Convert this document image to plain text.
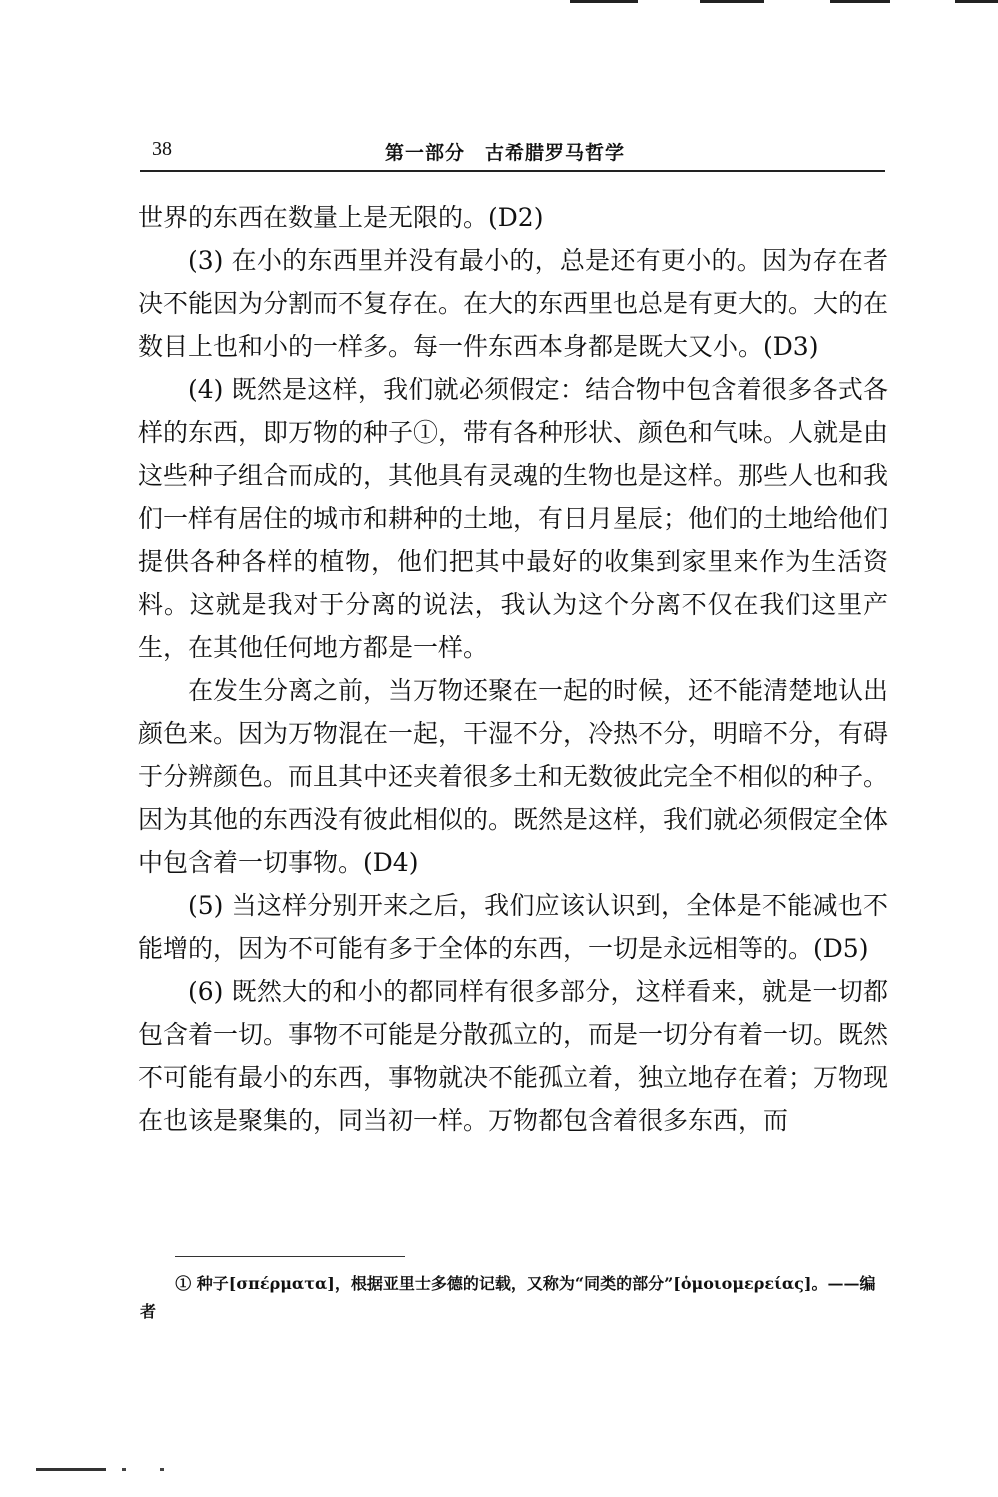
38	第一部分　古希腊罗马哲学

世界的东西在数量上是无限的。(D2)

(3) 在小的东西里并没有最小的，总是还有更小的。因为存在者决不能因为分割而不复存在。在大的东西里也总是有更大的。大的在数目上也和小的一样多。每一件东西本身都是既大又小。(D3)

(4) 既然是这样，我们就必须假定：结合物中包含着很多各式各样的东西，即万物的种子①，带有各种形状、颜色和气味。人就是由这些种子组合而成的，其他具有灵魂的生物也是这样。那些人也和我们一样有居住的城市和耕种的土地，有日月星辰；他们的土地给他们提供各种各样的植物，他们把其中最好的收集到家里来作为生活资料。这就是我对于分离的说法，我认为这个分离不仅在我们这里产生，在其他任何地方都是一样。

在发生分离之前，当万物还聚在一起的时候，还不能清楚地认出颜色来。因为万物混在一起，干湿不分，冷热不分，明暗不分，有碍于分辨颜色。而且其中还夹着很多土和无数彼此完全不相似的种子。因为其他的东西没有彼此相似的。既然是这样，我们就必须假定全体中包含着一切事物。(D4)

(5) 当这样分别开来之后，我们应该认识到，全体是不能减也不能增的，因为不可能有多于全体的东西，一切是永远相等的。(D5)

(6) 既然大的和小的都同样有很多部分，这样看来，就是一切都包含着一切。事物不可能是分散孤立的，而是一切分有着一切。既然不可能有最小的东西，事物就决不能孤立着，独立地存在着；万物现在也该是聚集的，同当初一样。万物都包含着很多东西，而

① 种子[σπέρματα]，根据亚里士多德的记载，又称为“同类的部分”[ὁμοιομερείας]。——编者
